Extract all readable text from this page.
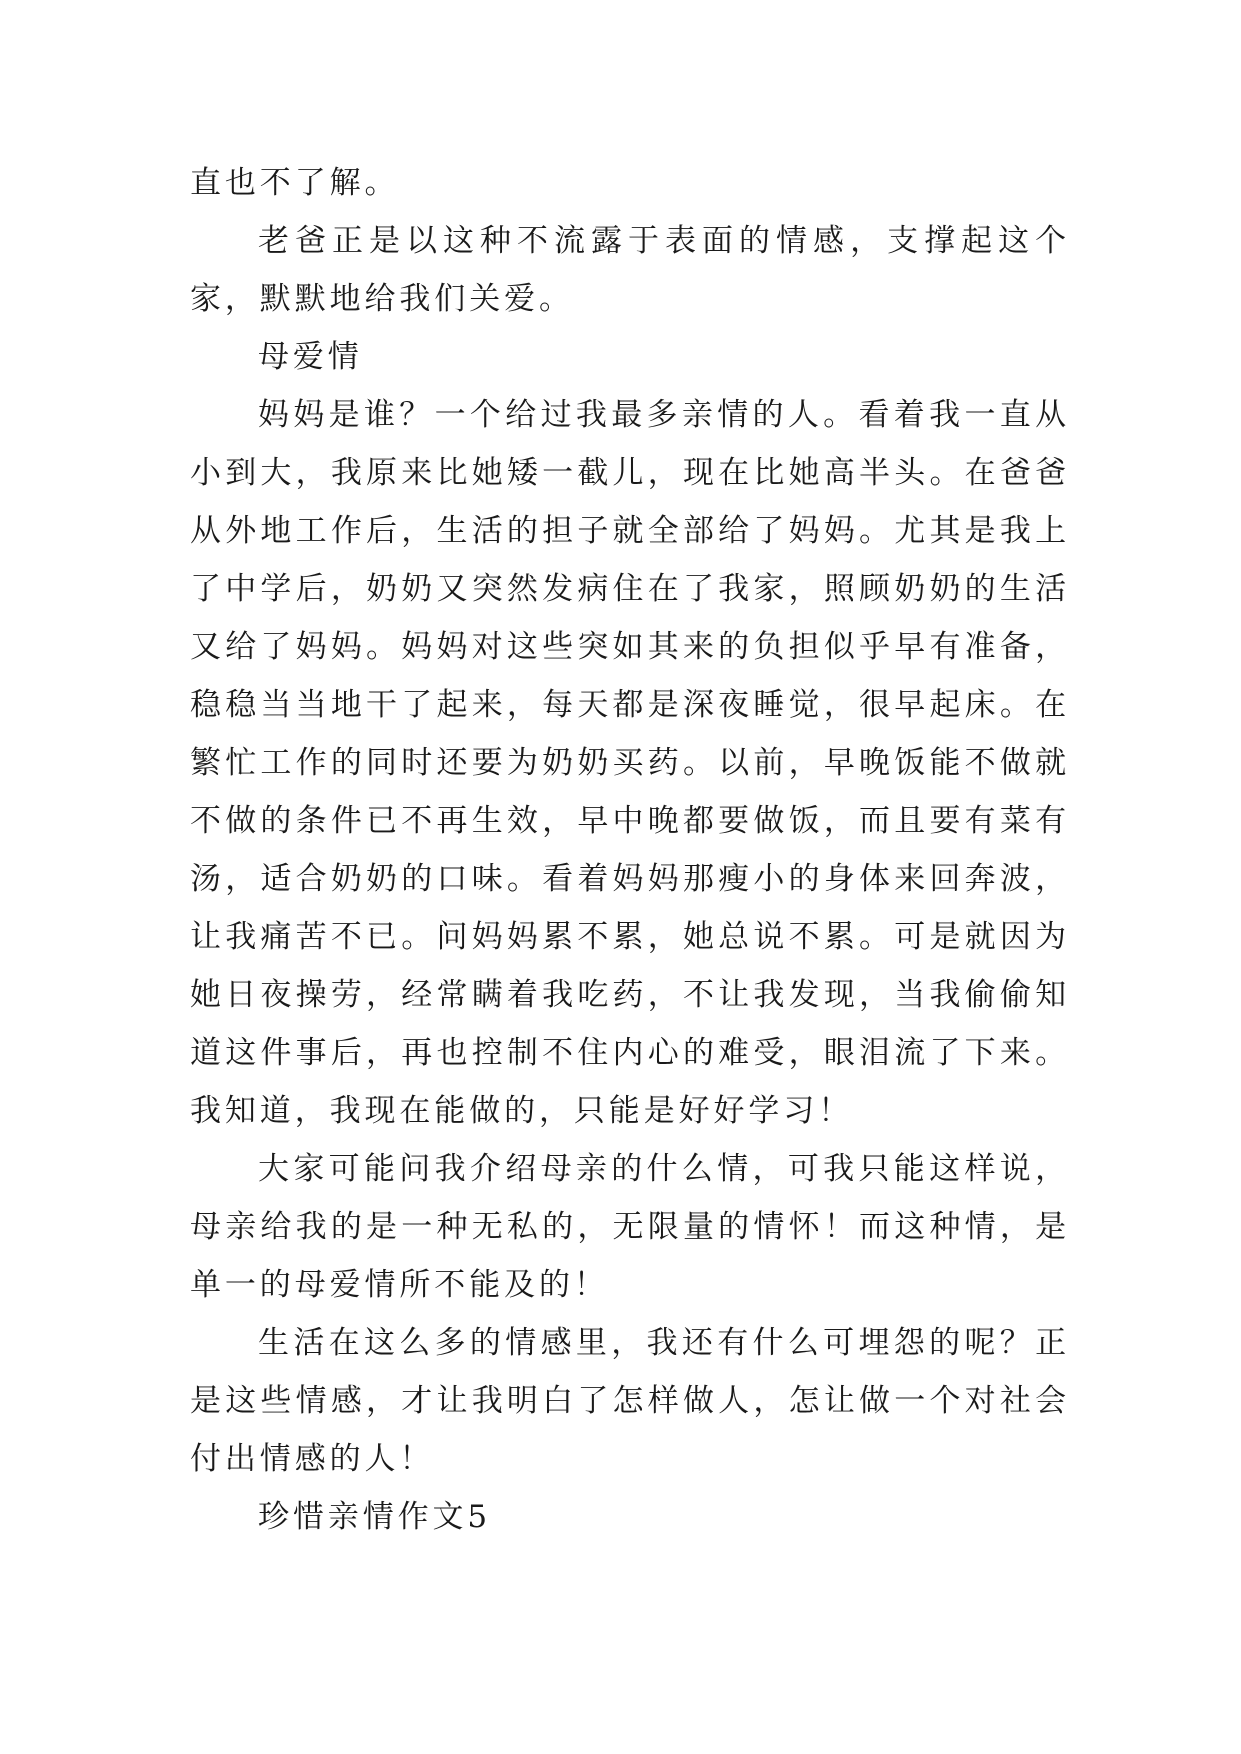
直也不了解。

老爸正是以这种不流露于表面的情感，支撑起这个家，默默地给我们关爱。

母爱情

妈妈是谁？一个给过我最多亲情的人。看着我一直从小到大，我原来比她矮一截儿，现在比她高半头。在爸爸从外地工作后，生活的担子就全部给了妈妈。尤其是我上了中学后，奶奶又突然发病住在了我家，照顾奶奶的生活又给了妈妈。妈妈对这些突如其来的负担似乎早有准备，稳稳当当地干了起来，每天都是深夜睡觉，很早起床。在繁忙工作的同时还要为奶奶买药。以前，早晚饭能不做就不做的条件已不再生效，早中晚都要做饭，而且要有菜有汤，适合奶奶的口味。看着妈妈那瘦小的身体来回奔波，让我痛苦不已。问妈妈累不累，她总说不累。可是就因为她日夜操劳，经常瞒着我吃药，不让我发现，当我偷偷知道这件事后，再也控制不住内心的难受，眼泪流了下来。我知道，我现在能做的，只能是好好学习！

大家可能问我介绍母亲的什么情，可我只能这样说，母亲给我的是一种无私的，无限量的情怀！而这种情，是单一的母爱情所不能及的！

生活在这么多的情感里，我还有什么可埋怨的呢？正是这些情感，才让我明白了怎样做人，怎让做一个对社会付出情感的人！

珍惜亲情作文5
